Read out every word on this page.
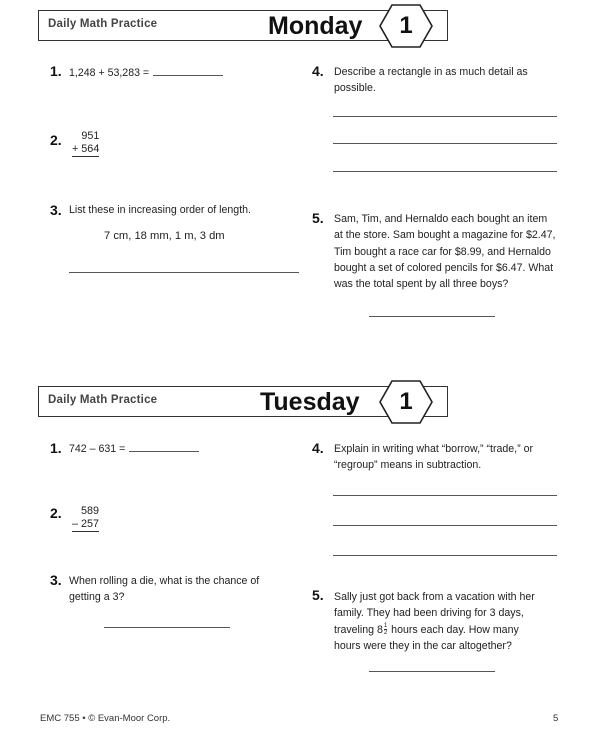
Daily Math Practice	Monday	1
1. 1,248 + 53,283 =
2.	951
+ 564
3. List these in increasing order of length.
7 cm, 18 mm, 1 m, 3 dm
4. Describe a rectangle in as much detail as possible.
5. Sam, Tim, and Hernaldo each bought an item at the store. Sam bought a magazine for $2.47, Tim bought a race car for $8.99, and Hernaldo bought a set of colored pencils for $6.47. What was the total spent by all three boys?
Daily Math Practice	Tuesday	1
1. 742 – 631 =
2.	589
– 257
3. When rolling a die, what is the chance of getting a 3?
4. Explain in writing what “borrow,” “trade,” or “regroup” means in subtraction.
5. Sally just got back from a vacation with her family. They had been driving for 3 days, traveling $8 \frac{1}{2}$ hours each day. How many hours were they in the car altogether?
EMC 755 • © Evan-Moor Corp.	5
